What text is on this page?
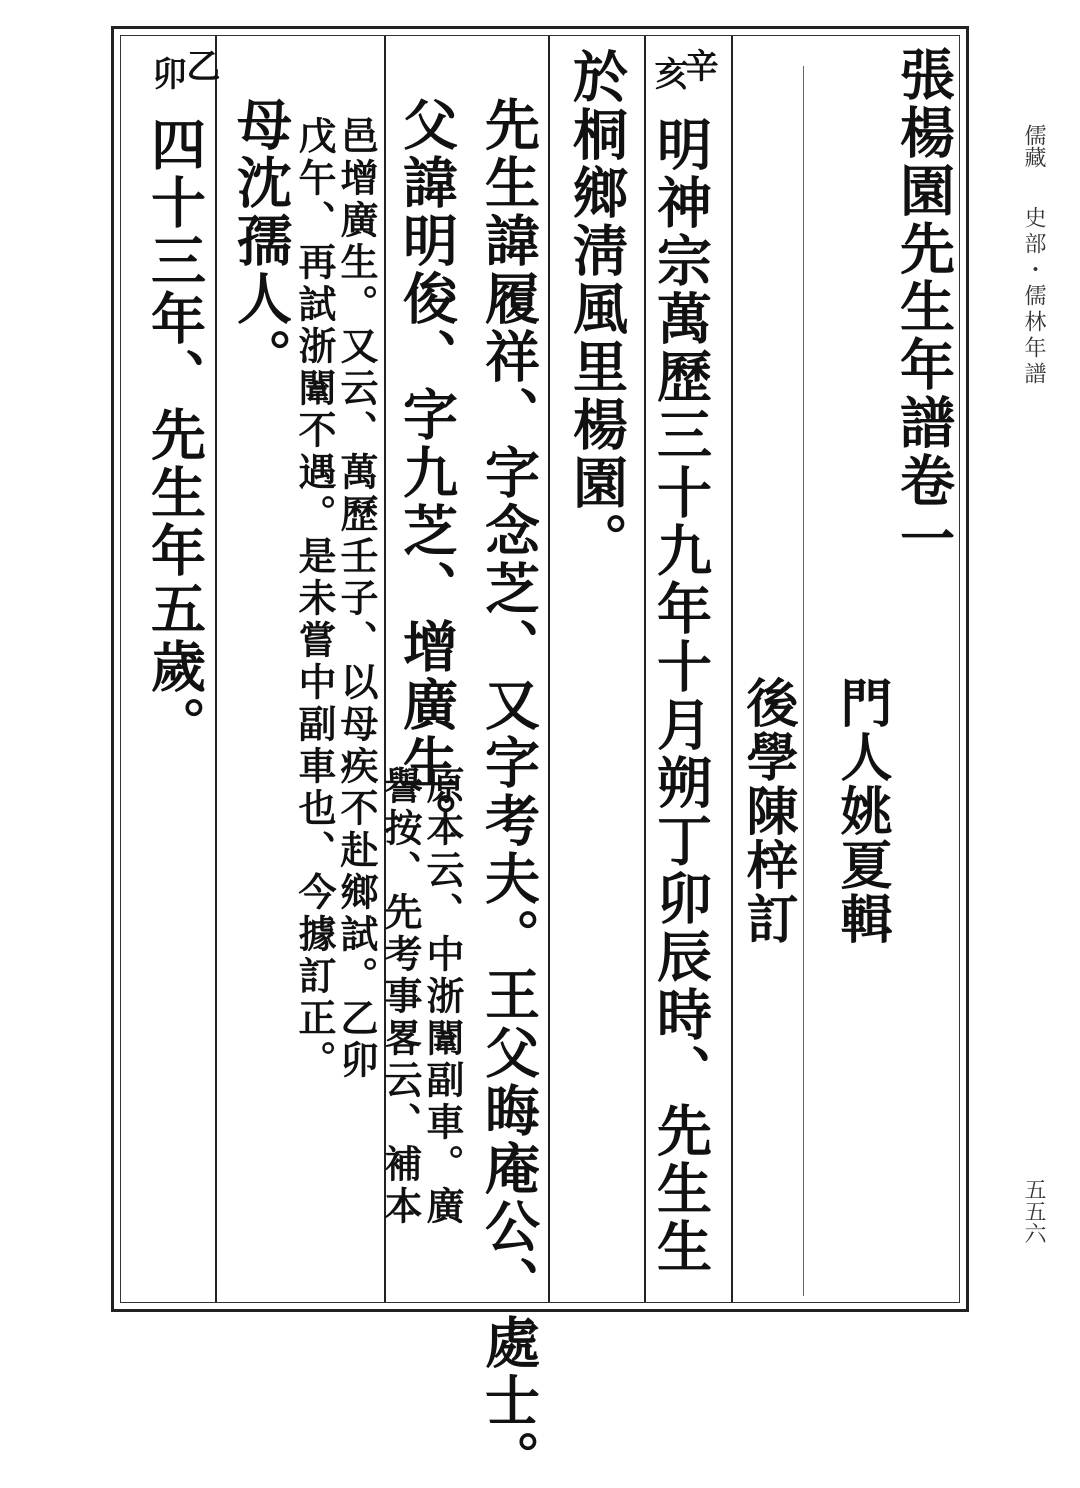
張楊園先生年譜卷一
門人姚夏輯
後學陳梓訂
辛
亥
明神宗萬歷三十九年十月朔丁卯辰時、先生生
於桐鄉淸風里楊園。
先生諱履祥、字念芝、又字考夫。王父晦庵公、處士。
父諱明俊、字九芝、增廣生。
原本云、中浙闈副車。廣
譽按、先考事畧云、補本
邑增廣生。又云、萬歷壬子、以母疾不赴鄉試。乙卯
戊午、再試浙闈不遇。是未嘗中副車也、今據訂正。
母沈孺人。
乙
卯
四十三年、先生年五歲。	儒藏
史部・儒林年譜
五五六
